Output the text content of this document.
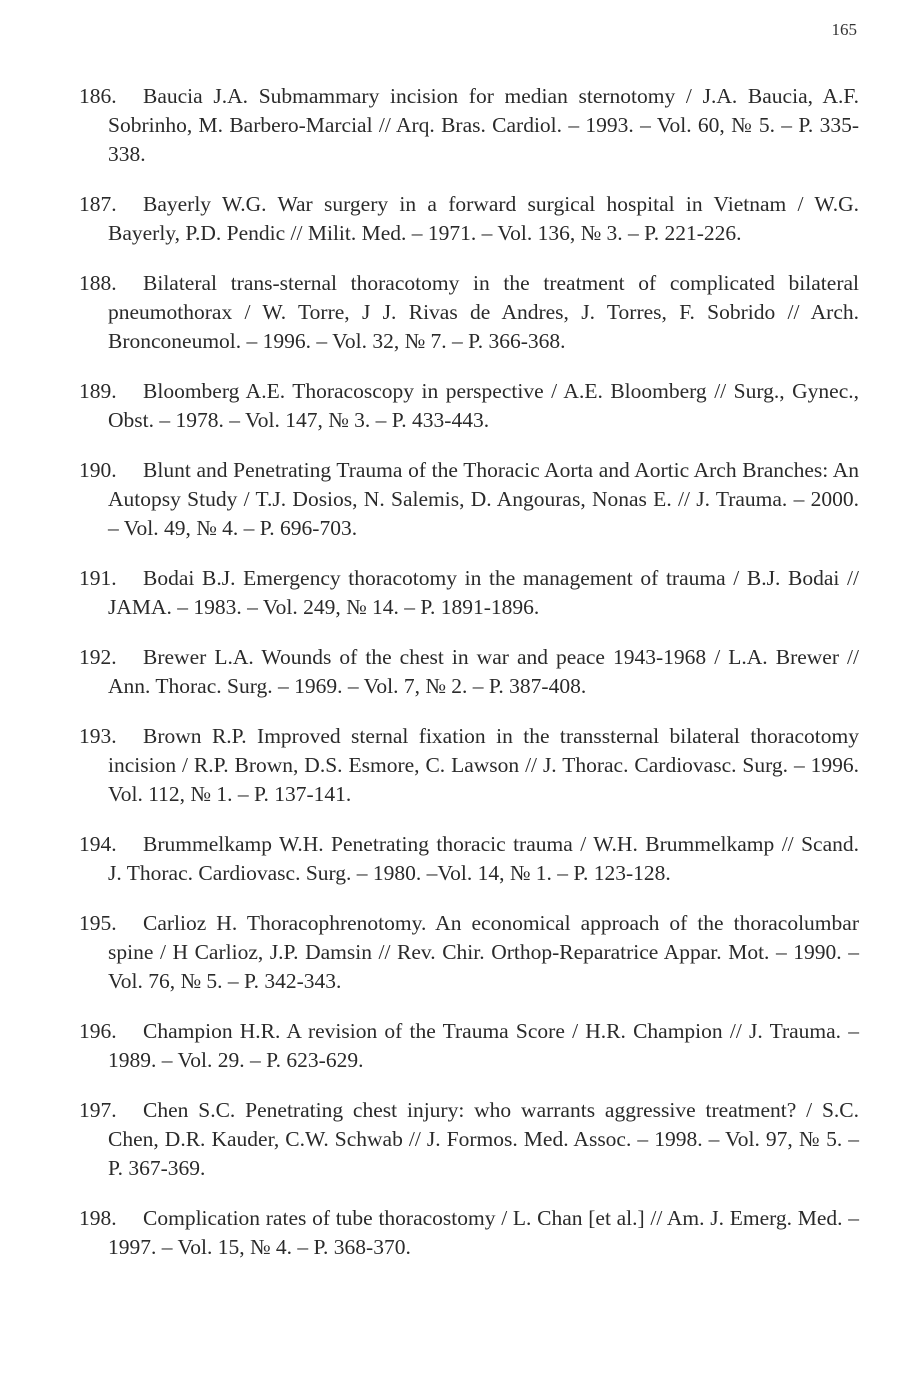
165
186. Baucia J.A. Submammary incision for median sternotomy / J.A. Baucia, A.F. Sobrinho, M. Barbero-Marcial // Arq. Bras. Cardiol. – 1993. – Vol. 60, № 5. – P. 335-338.
187. Bayerly W.G. War surgery in a forward surgical hospital in Vietnam / W.G. Bayerly, P.D. Pendic // Milit. Med. – 1971. – Vol. 136, № 3. – P. 221-226.
188. Bilateral trans-sternal thoracotomy in the treatment of complicated bilateral pneumothorax / W. Torre, J J. Rivas de Andres, J. Torres, F. Sobrido // Arch. Bronconeumol. – 1996. – Vol. 32, № 7. – P. 366-368.
189. Bloomberg A.E. Thoracoscopy in perspective / A.E. Bloomberg // Surg., Gynec., Obst. – 1978. – Vol. 147, № 3. – P. 433-443.
190. Blunt and Penetrating Trauma of the Thoracic Aorta and Aortic Arch Branches: An Autopsy Study / T.J. Dosios, N. Salemis, D. Angouras, Nonas E. // J. Trauma. – 2000. – Vol. 49, № 4. – P. 696-703.
191. Bodai B.J. Emergency thoracotomy in the management of trauma / B.J. Bodai // JAMA. – 1983. – Vol. 249, № 14. – P. 1891-1896.
192. Brewer L.A. Wounds of the chest in war and peace 1943-1968 / L.A. Brewer // Ann. Thorac. Surg. – 1969. – Vol. 7, № 2. – P. 387-408.
193. Brown R.P. Improved sternal fixation in the transsternal bilateral thoracotomy incision / R.P. Brown, D.S. Esmore, C. Lawson // J. Thorac. Cardiovasc. Surg. – 1996. Vol. 112, № 1. – P. 137-141.
194. Brummelkamp W.H. Penetrating thoracic trauma / W.H. Brummelkamp // Scand. J. Thorac. Cardiovasc. Surg. – 1980. –Vol. 14, № 1. – P. 123-128.
195. Carlioz H. Thoracophrenotomy. An economical approach of the thoracolumbar spine / H Carlioz, J.P. Damsin // Rev. Chir. Orthop-Reparatrice Appar. Mot. – 1990. – Vol. 76, № 5. – P. 342-343.
196. Champion H.R. A revision of the Trauma Score / H.R. Champion // J. Trauma. – 1989. – Vol. 29. – P. 623-629.
197. Chen S.C. Penetrating chest injury: who warrants aggressive treatment? / S.C. Chen, D.R. Kauder, C.W. Schwab // J. Formos. Med. Assoc. – 1998. – Vol. 97, № 5. – P. 367-369.
198. Complication rates of tube thoracostomy / L. Chan [et al.] // Am. J. Emerg. Med. – 1997. – Vol. 15, № 4. – P. 368-370.
